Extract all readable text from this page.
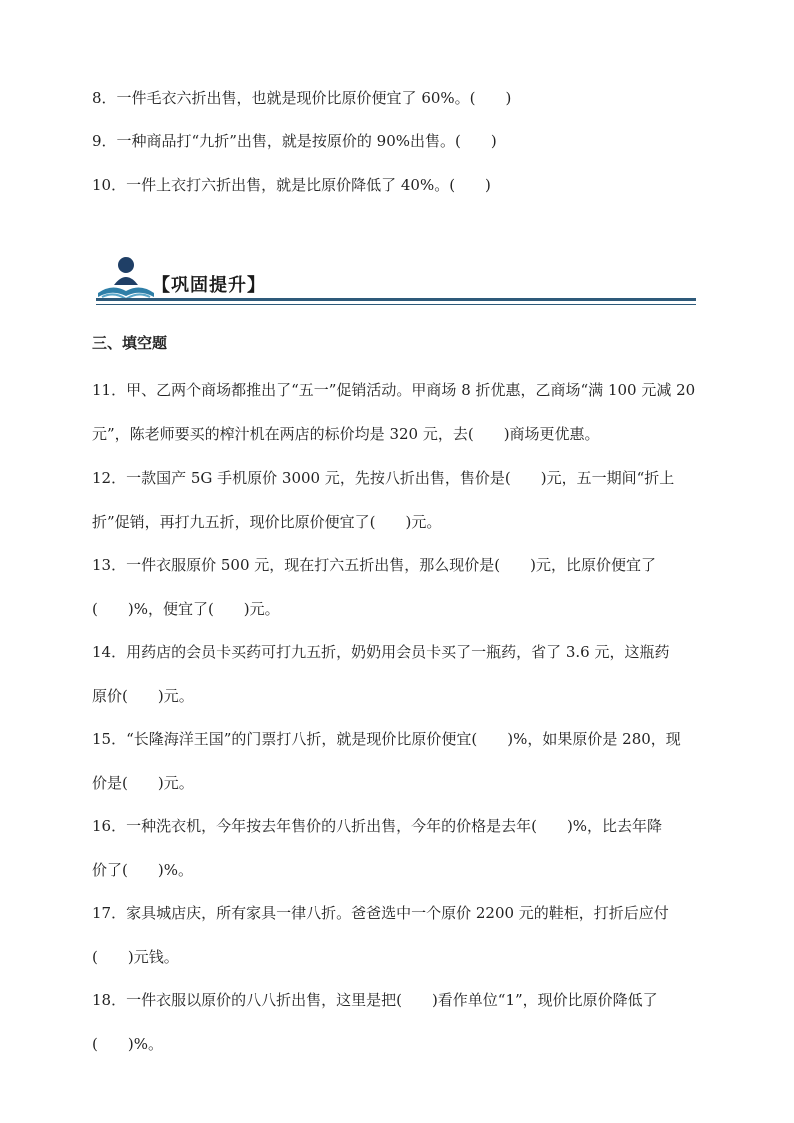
8．一件毛衣六折出售，也就是现价比原价便宜了 60%。(　　)
9．一种商品打“九折”出售，就是按原价的 90%出售。(　　)
10．一件上衣打六折出售，就是比原价降低了 40%。(　　)
【巩固提升】
三、填空题
11．甲、乙两个商场都推出了“五一”促销活动。甲商场 8 折优惠，乙商场“满 100 元减 20
元”，陈老师要买的榨汁机在两店的标价均是 320 元，去(　　)商场更优惠。
12．一款国产 5G 手机原价 3000 元，先按八折出售，售价是(　　)元，五一期间“折上
折”促销，再打九五折，现价比原价便宜了(　　)元。
13．一件衣服原价 500 元，现在打六五折出售，那么现价是(　　)元，比原价便宜了
(　　)%，便宜了(　　)元。
14．用药店的会员卡买药可打九五折，奶奶用会员卡买了一瓶药，省了 3.6 元，这瓶药
原价(　　)元。
15．“长隆海洋王国”的门票打八折，就是现价比原价便宜(　　)%，如果原价是 280，现
价是(　　)元。
16．一种洗衣机，今年按去年售价的八折出售，今年的价格是去年(　　)%，比去年降
价了(　　)%。
17．家具城店庆，所有家具一律八折。爸爸选中一个原价 2200 元的鞋柜，打折后应付
(　　)元钱。
18．一件衣服以原价的八八折出售，这里是把(　　)看作单位“1”，现价比原价降低了
(　　)%。
